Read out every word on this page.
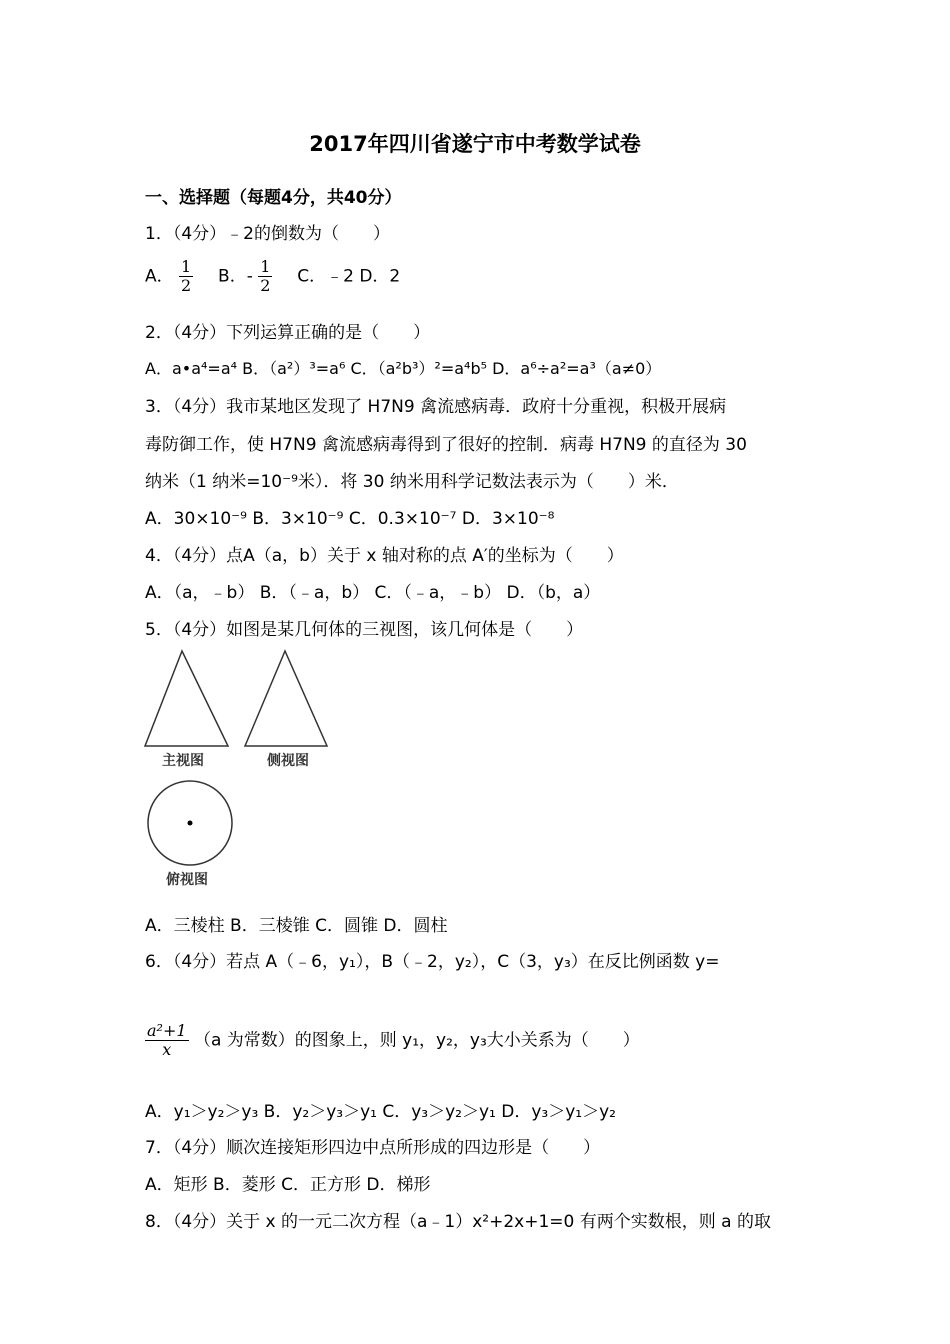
2017年四川省遂宁市中考数学试卷
一、选择题（每题4分，共40分）
1．（4分）﹣2的倒数为（　　）
A． $\frac{1}{2}$ B．- $\frac{1}{2}$ C．﹣2 D．2
2．（4分）下列运算正确的是（　　）
A．a•a⁴=a⁴ B．（a²）³=a⁶ C．（a²b³）²=a⁴b⁵ D．a⁶÷a²=a³（a≠0）
3．（4分）我市某地区发现了 H7N9 禽流感病毒．政府十分重视，积极开展病
毒防御工作，使 H7N9 禽流感病毒得到了很好的控制．病毒 H7N9 的直径为 30
纳米（1 纳米=10⁻⁹米）．将 30 纳米用科学记数法表示为（　　）米．
A．30×10⁻⁹ B．3×10⁻⁹ C．0.3×10⁻⁷ D．3×10⁻⁸
4．（4分）点A（a，b）关于 x 轴对称的点 A′的坐标为（　　）
A．（a，﹣b） B．（﹣a，b） C．（﹣a，﹣b） D．（b，a）
5．（4分）如图是某几何体的三视图，该几何体是（　　）
主视图	侧视图
俯视图
A．三棱柱 B．三棱锥 C．圆锥 D．圆柱
6．（4分）若点 A（﹣6，y₁），B（﹣2，y₂），C（3，y₃）在反比例函数 y=
$\frac{\text{a²+1}}{x} (a$ 为常数）的图象上，则 y₁，y₂，y₃大小关系为（　　）
A．y₁＞y₂＞y₃ B．y₂＞y₃＞y₁ C．y₃＞y₂＞y₁ D．y₃＞y₁＞y₂
7．（4分）顺次连接矩形四边中点所形成的四边形是（　　）
A．矩形 B．菱形 C．正方形 D．梯形
8．（4分）关于 x 的一元二次方程（a﹣1）x²+2x+1=0 有两个实数根，则 a 的取
